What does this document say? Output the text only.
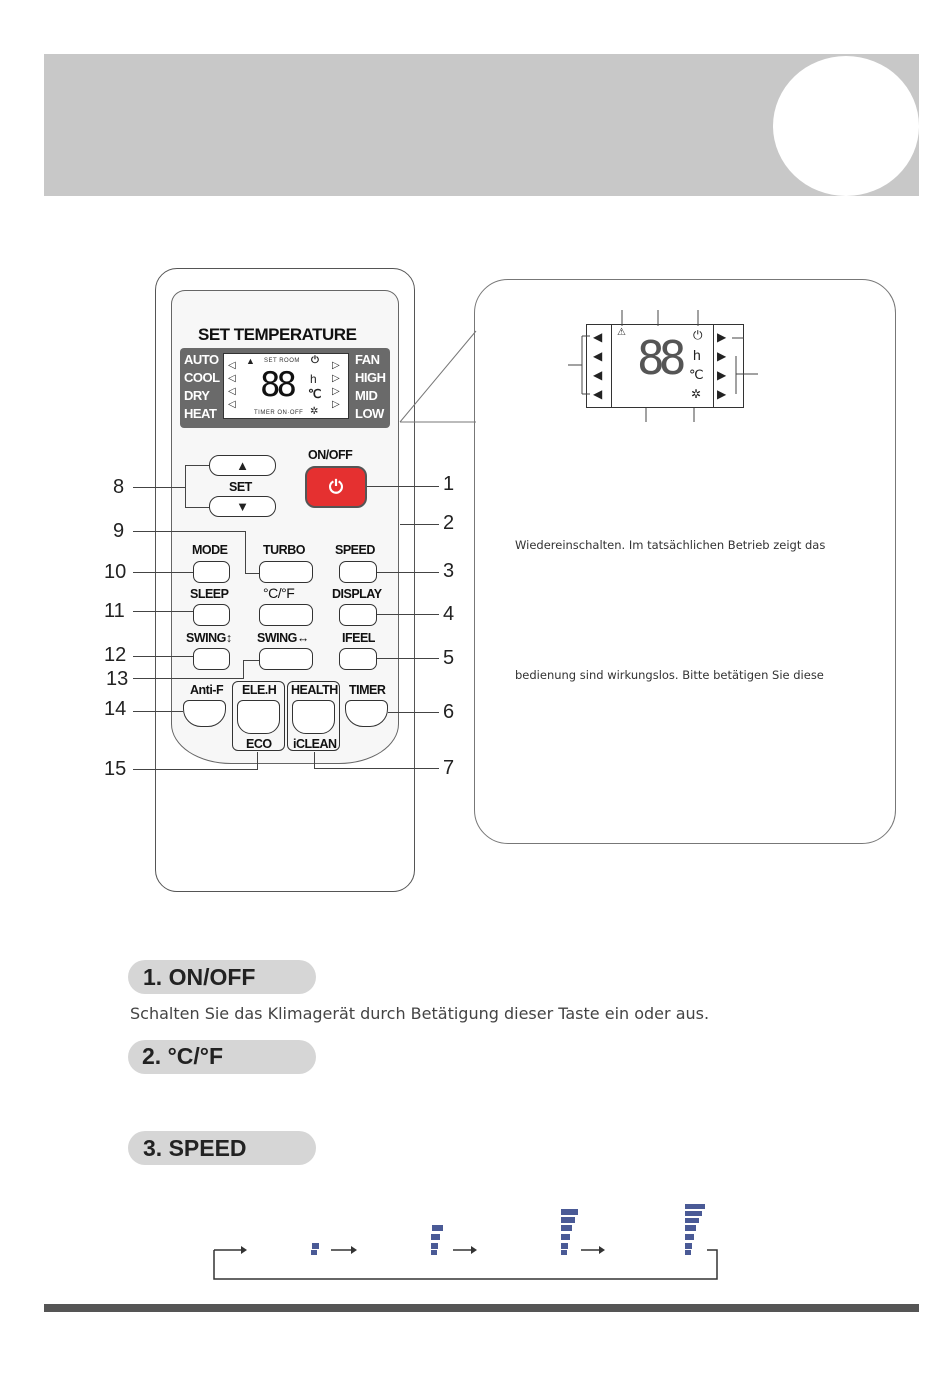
SET TEMPERATURE
AUTO
COOL
DRY
HEAT
FAN
HIGH
MID
LOW
◁
◁
◁
◁
▷
▷
▷
▷
▲ SET ROOM ⏻
88 h
℃
TIMER ON·OFF ✲
▲
SET
▼
ON/OFF
⏻
MODE	TURBO SPEED
SLEEP °C/°F	DISPLAY
SWING↕ SWING↔	IFEEL
Anti-F ELE.H
ECO
HEALTH
iCLEAN
TIMER
8
9
10
11
12
13
14
15
1
2
3
4
5
6
7
◀
◀
◀
◀
▶
▶
▶
▶
⚠ 88 ⏻
h
℃
✲
Wiedereinschalten. Im tatsächlichen Betrieb zeigt das
bedienung sind wirkungslos. Bitte betätigen Sie diese
1. ON/OFF
Schalten Sie das Klimagerät durch Betätigung dieser Taste ein oder aus.
2. °C/°F
3. SPEED
